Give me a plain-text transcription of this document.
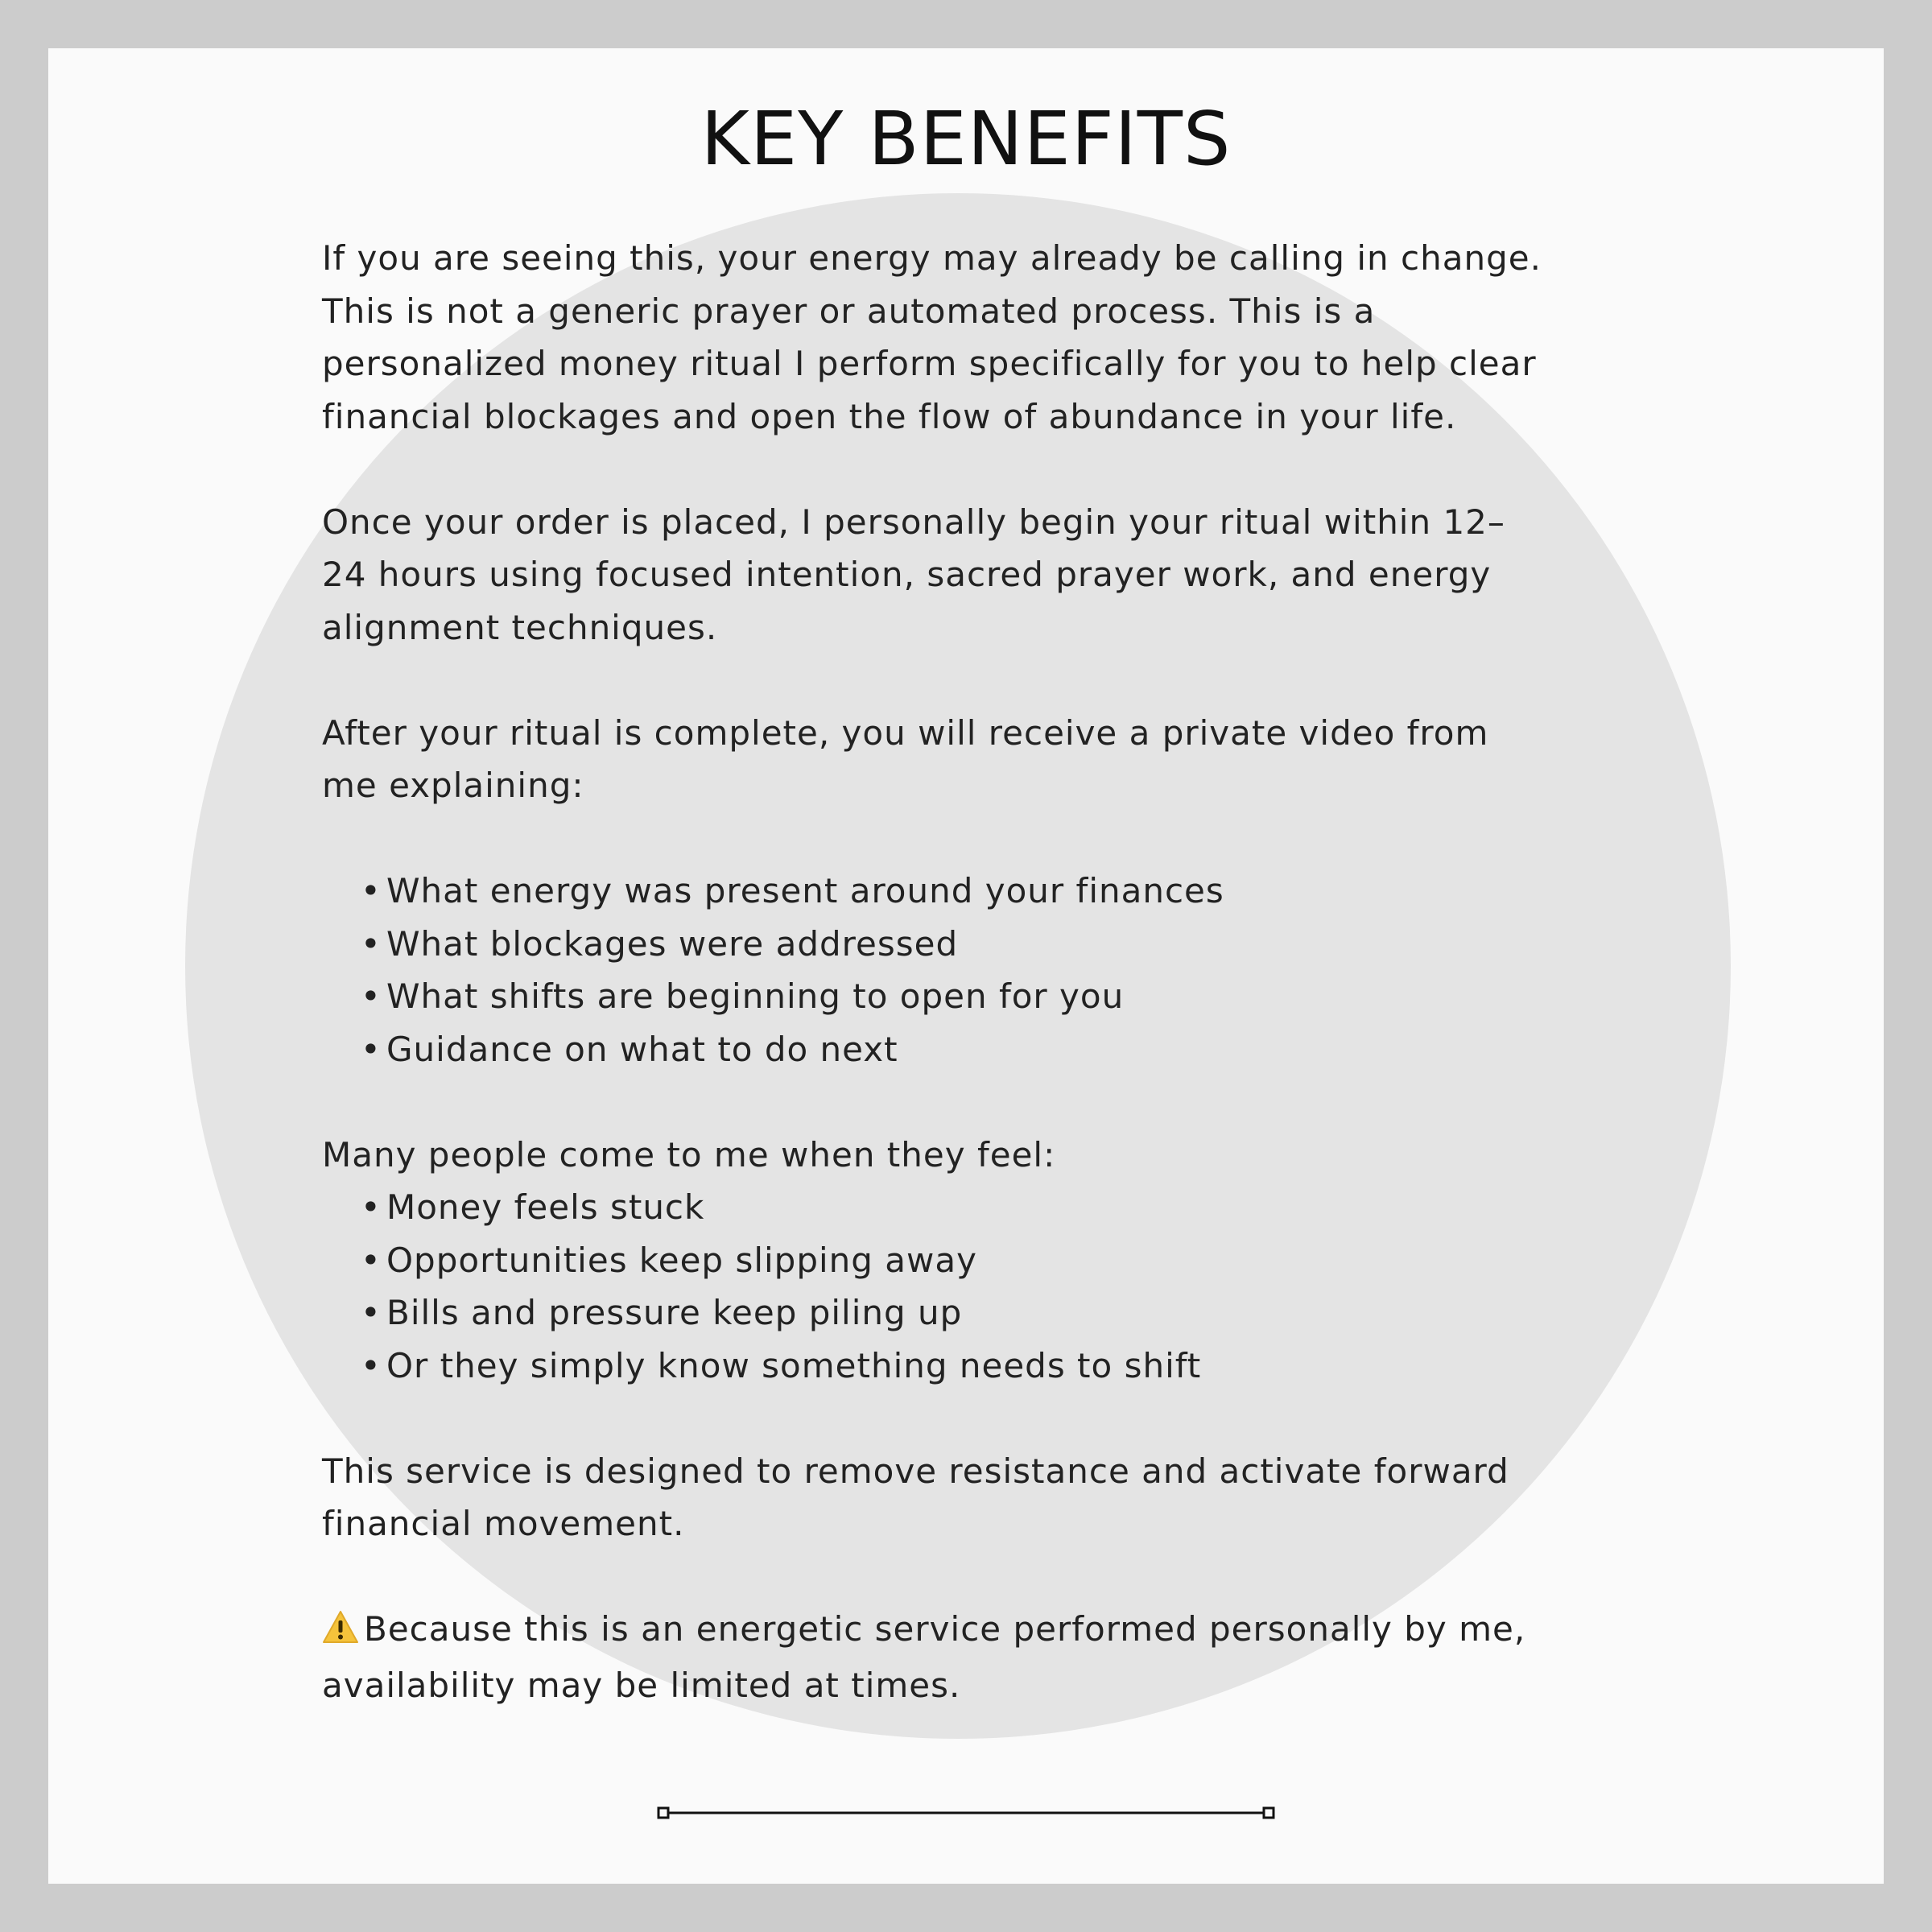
KEY BENEFITS

If you are seeing this, your energy may already be calling in change.
This is not a generic prayer or automated process. This is a
personalized money ritual I perform specifically for you to help clear
financial blockages and open the flow of abundance in your life.

Once your order is placed, I personally begin your ritual within 12–
24 hours using focused intention, sacred prayer work, and energy
alignment techniques.

After your ritual is complete, you will receive a private video from
me explaining:

• What energy was present around your finances
• What blockages were addressed
• What shifts are beginning to open for you
• Guidance on what to do next

Many people come to me when they feel:

• Money feels stuck
• Opportunities keep slipping away
• Bills and pressure keep piling up
• Or they simply know something needs to shift

This service is designed to remove resistance and activate forward
financial movement.

Because this is an energetic service performed personally by me,
availability may be limited at times.
